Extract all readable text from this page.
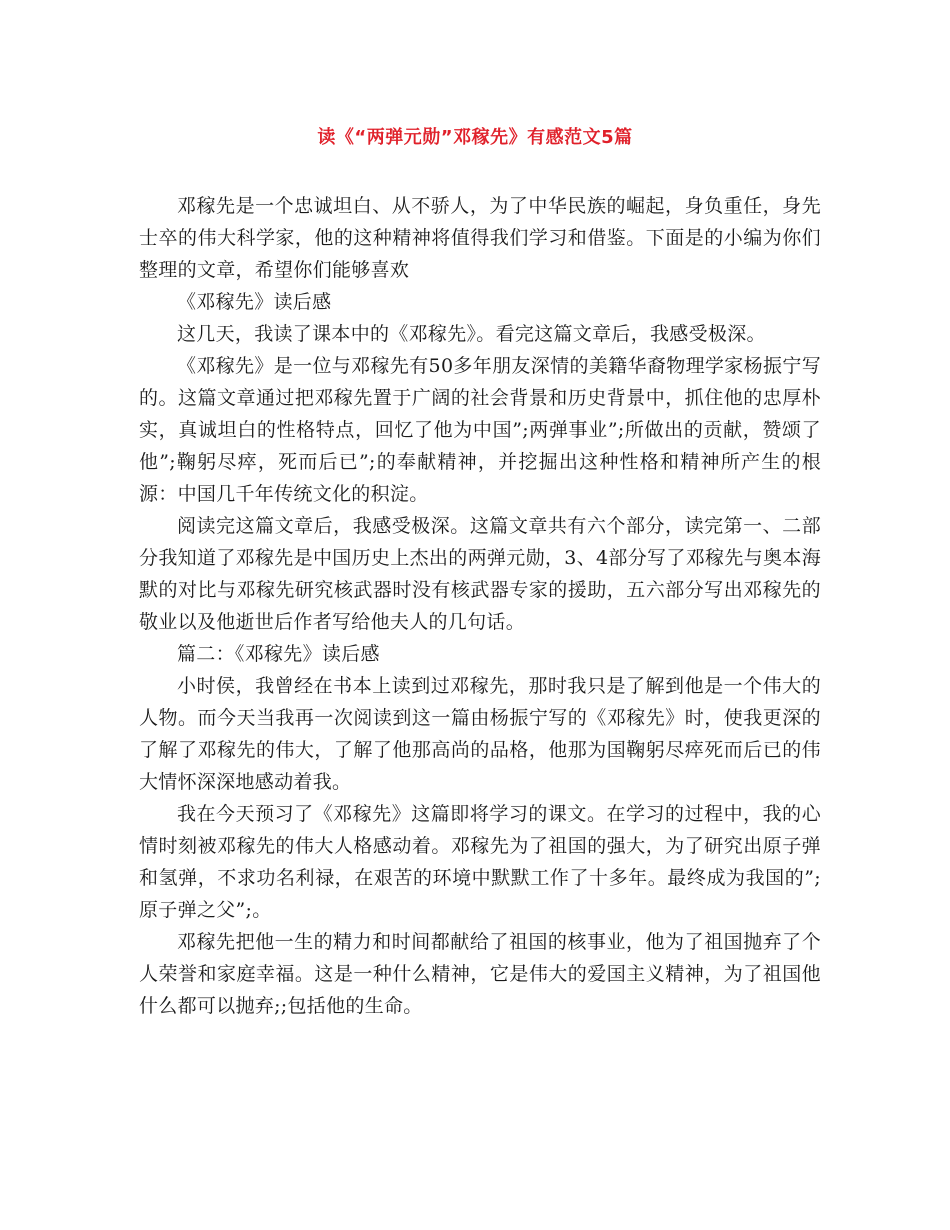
读《“两弹元勋”邓稼先》有感范文5篇

邓稼先是一个忠诚坦白、从不骄人，为了中华民族的崛起，身负重任，身先士卒的伟大科学家，他的这种精神将值得我们学习和借鉴。下面是的小编为你们整理的文章，希望你们能够喜欢

《邓稼先》读后感

这几天，我读了课本中的《邓稼先》。看完这篇文章后，我感受极深。

《邓稼先》是一位与邓稼先有50多年朋友深情的美籍华裔物理学家杨振宁写的。这篇文章通过把邓稼先置于广阔的社会背景和历史背景中，抓住他的忠厚朴实，真诚坦白的性格特点，回忆了他为中国”;两弹事业”;所做出的贡献，赞颂了他”;鞠躬尽瘁，死而后已”;的奉献精神，并挖掘出这种性格和精神所产生的根源：中国几千年传统文化的积淀。

阅读完这篇文章后，我感受极深。这篇文章共有六个部分，读完第一、二部分我知道了邓稼先是中国历史上杰出的两弹元勋，3、4部分写了邓稼先与奥本海默的对比与邓稼先研究核武器时没有核武器专家的援助，五六部分写出邓稼先的敬业以及他逝世后作者写给他夫人的几句话。

篇二：《邓稼先》读后感

小时侯，我曾经在书本上读到过邓稼先，那时我只是了解到他是一个伟大的人物。而今天当我再一次阅读到这一篇由杨振宁写的《邓稼先》时，使我更深的了解了邓稼先的伟大，了解了他那高尚的品格，他那为国鞠躬尽瘁死而后已的伟大情怀深深地感动着我。

我在今天预习了《邓稼先》这篇即将学习的课文。在学习的过程中，我的心情时刻被邓稼先的伟大人格感动着。邓稼先为了祖国的强大，为了研究出原子弹和氢弹，不求功名利禄，在艰苦的环境中默默工作了十多年。最终成为我国的”;原子弹之父”;。

邓稼先把他一生的精力和时间都献给了祖国的核事业，他为了祖国抛弃了个人荣誉和家庭幸福。这是一种什么精神，它是伟大的爱国主义精神，为了祖国他什么都可以抛弃;;包括他的生命。
